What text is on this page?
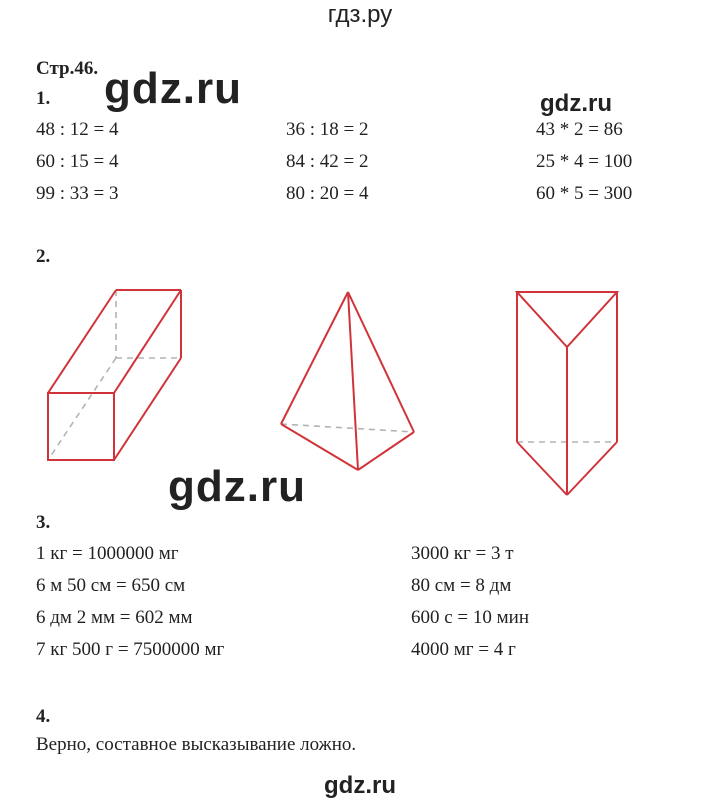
гдз.ру
gdz.ru	gdz.ru
gdz.ru
gdz.ru
Стр.46.
1.
48 : 12 = 4
60 : 15 = 4
99 : 33 = 3
36 : 18 = 2
84 : 42 = 2
80 : 20 = 4
43 * 2 = 86
25 * 4 = 100
60 * 5 = 300
2.
3.
1 кг = 1000000 мг
6 м 50 см = 650 см
6 дм 2 мм = 602 мм
7 кг 500 г = 7500000 мг
3000 кг = 3 т
80 см = 8 дм
600 с = 10 мин
4000 мг = 4 г
4.
Верно, составное высказывание ложно.
